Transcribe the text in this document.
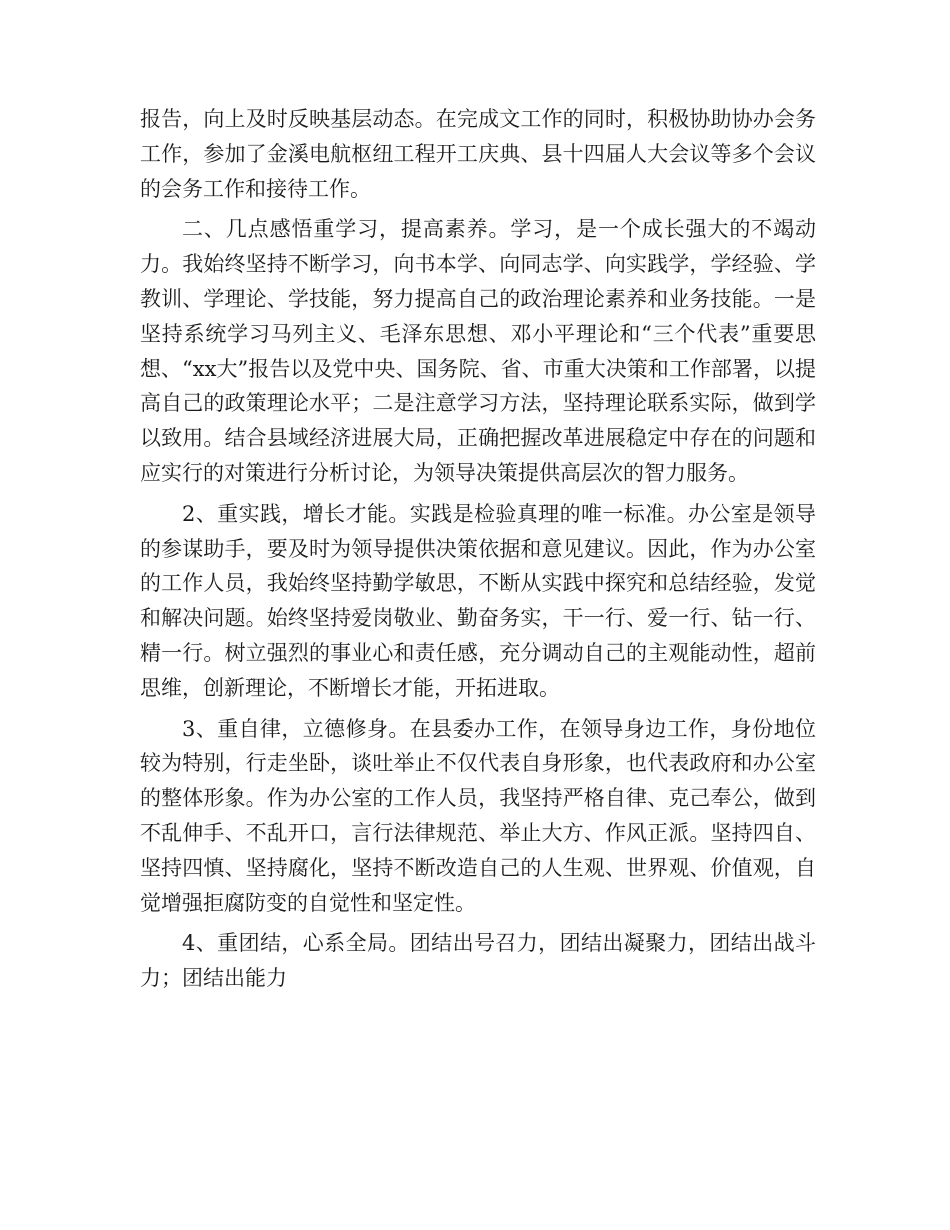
报告，向上及时反映基层动态。在完成文工作的同时，积极协助协办会务工作，参加了金溪电航枢纽工程开工庆典、县十四届人大会议等多个会议的会务工作和接待工作。

二、几点感悟重学习，提高素养。学习，是一个成长强大的不竭动力。我始终坚持不断学习，向书本学、向同志学、向实践学，学经验、学教训、学理论、学技能，努力提高自己的政治理论素养和业务技能。一是坚持系统学习马列主义、毛泽东思想、邓小平理论和“三个代表”重要思想、“xx大”报告以及党中央、国务院、省、市重大决策和工作部署，以提高自己的政策理论水平；二是注意学习方法，坚持理论联系实际，做到学以致用。结合县域经济进展大局，正确把握改革进展稳定中存在的问题和应实行的对策进行分析讨论，为领导决策提供高层次的智力服务。

2、重实践，增长才能。实践是检验真理的唯一标准。办公室是领导的参谋助手，要及时为领导提供决策依据和意见建议。因此，作为办公室的工作人员，我始终坚持勤学敏思，不断从实践中探究和总结经验，发觉和解决问题。始终坚持爱岗敬业、勤奋务实，干一行、爱一行、钻一行、精一行。树立强烈的事业心和责任感，充分调动自己的主观能动性，超前思维，创新理论，不断增长才能，开拓进取。

3、重自律，立德修身。在县委办工作，在领导身边工作，身份地位较为特别，行走坐卧，谈吐举止不仅代表自身形象，也代表政府和办公室的整体形象。作为办公室的工作人员，我坚持严格自律、克己奉公，做到不乱伸手、不乱开口，言行法律规范、举止大方、作风正派。坚持四自、坚持四慎、坚持腐化，坚持不断改造自己的人生观、世界观、价值观，自觉增强拒腐防变的自觉性和坚定性。

4、重团结，心系全局。团结出号召力，团结出凝聚力，团结出战斗力；团结出能力
